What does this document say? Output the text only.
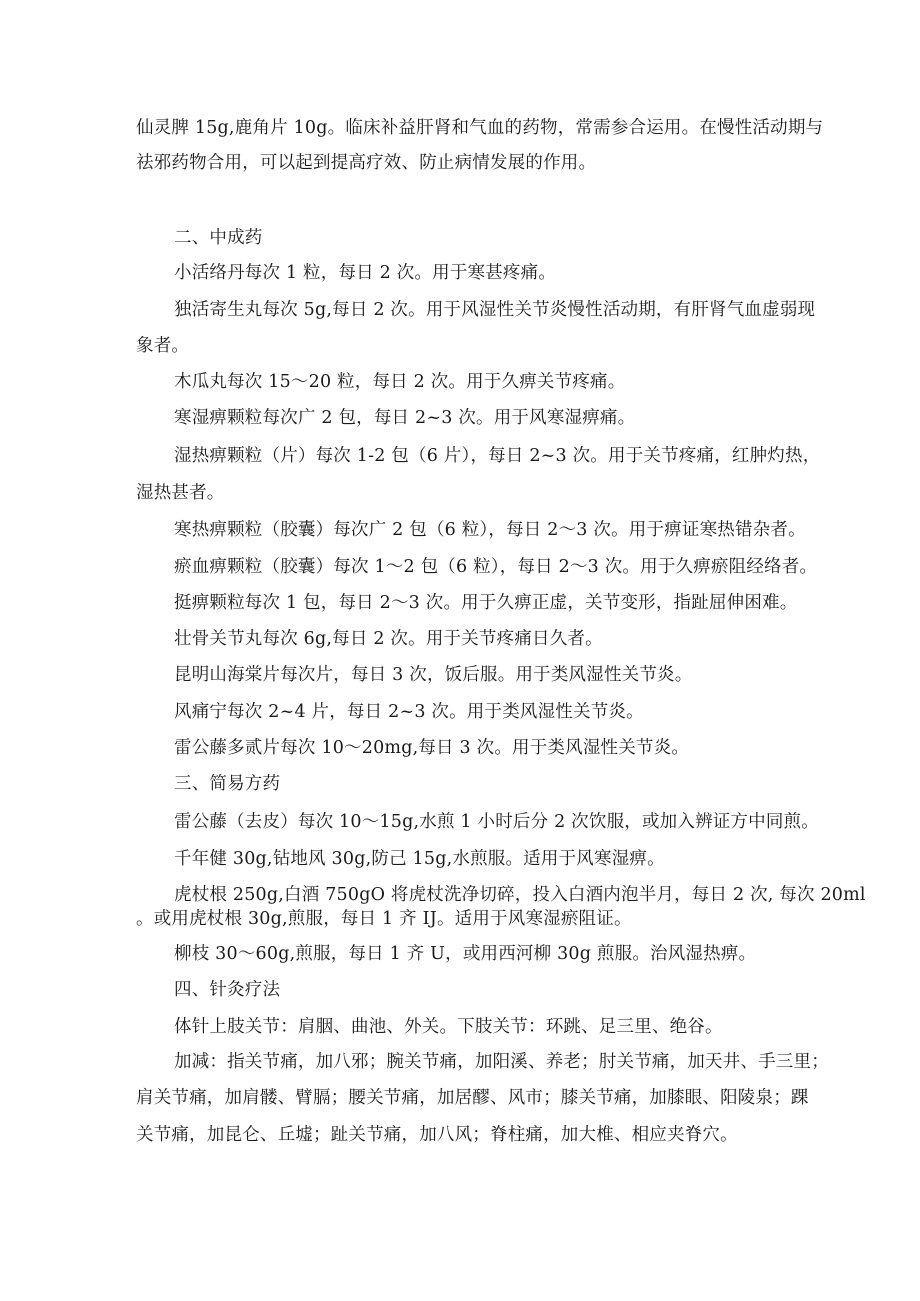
仙灵脾 15g,鹿角片 10g。临床补益肝肾和气血的药物，常需参合运用。在慢性活动期与
祛邪药物合用，可以起到提高疗效、防止病情发展的作用。
二、中成药
小活络丹每次 1 粒，每日 2 次。用于寒甚疼痛。
独活寄生丸每次 5g,每日 2 次。用于风湿性关节炎慢性活动期，有肝肾气血虚弱现
象者。
木瓜丸每次 15～20 粒，每日 2 次。用于久痹关节疼痛。
寒湿痹颗粒每次广 2 包，每日 2~3 次。用于风寒湿痹痛。
湿热痹颗粒（片）每次 1-2 包（6 片），每日 2~3 次。用于关节疼痛，红肿灼热，
湿热甚者。
寒热痹颗粒（胶囊）每次广 2 包（6 粒），每日 2～3 次。用于痹证寒热错杂者。
瘀血痹颗粒（胶囊）每次 1～2 包（6 粒），每日 2～3 次。用于久痹瘀阻经络者。
挺痹颗粒每次 1 包，每日 2～3 次。用于久痹正虚，关节变形，指趾屈伸困难。
壮骨关节丸每次 6g,每日 2 次。用于关节疼痛日久者。
昆明山海棠片每次片，每日 3 次，饭后服。用于类风湿性关节炎。
风痛宁每次 2~4 片，每日 2~3 次。用于类风湿性关节炎。
雷公藤多贰片每次 10～20mg,每日 3 次。用于类风湿性关节炎。
三、简易方药
雷公藤（去皮）每次 10～15g,水煎 1 小时后分 2 次饮服，或加入辨证方中同煎。
千年健 30g,钻地风 30g,防己 15g,水煎服。适用于风寒湿痹。
虎杖根 250g,白酒 750gO 将虎杖洗净切碎，投入白酒内泡半月，每日 2 次, 每次 20ml
。或用虎杖根 30g,煎服，每日 1 齐 IJ。适用于风寒湿瘀阻证。
柳枝 30～60g,煎服，每日 1 齐 U，或用西河柳 30g 煎服。治风湿热痹。
四、针灸疗法
体针上肢关节：肩胭、曲池、外关。下肢关节：环跳、足三里、绝谷。
加减：指关节痛，加八邪；腕关节痛，加阳溪、养老；肘关节痛，加天井、手三里；
肩关节痛，加肩髅、臂膈；腰关节痛，加居醪、风市；膝关节痛，加膝眼、阳陵泉；踝
关节痛，加昆仑、丘墟；趾关节痛，加八风；脊柱痛，加大椎、相应夹脊穴。
